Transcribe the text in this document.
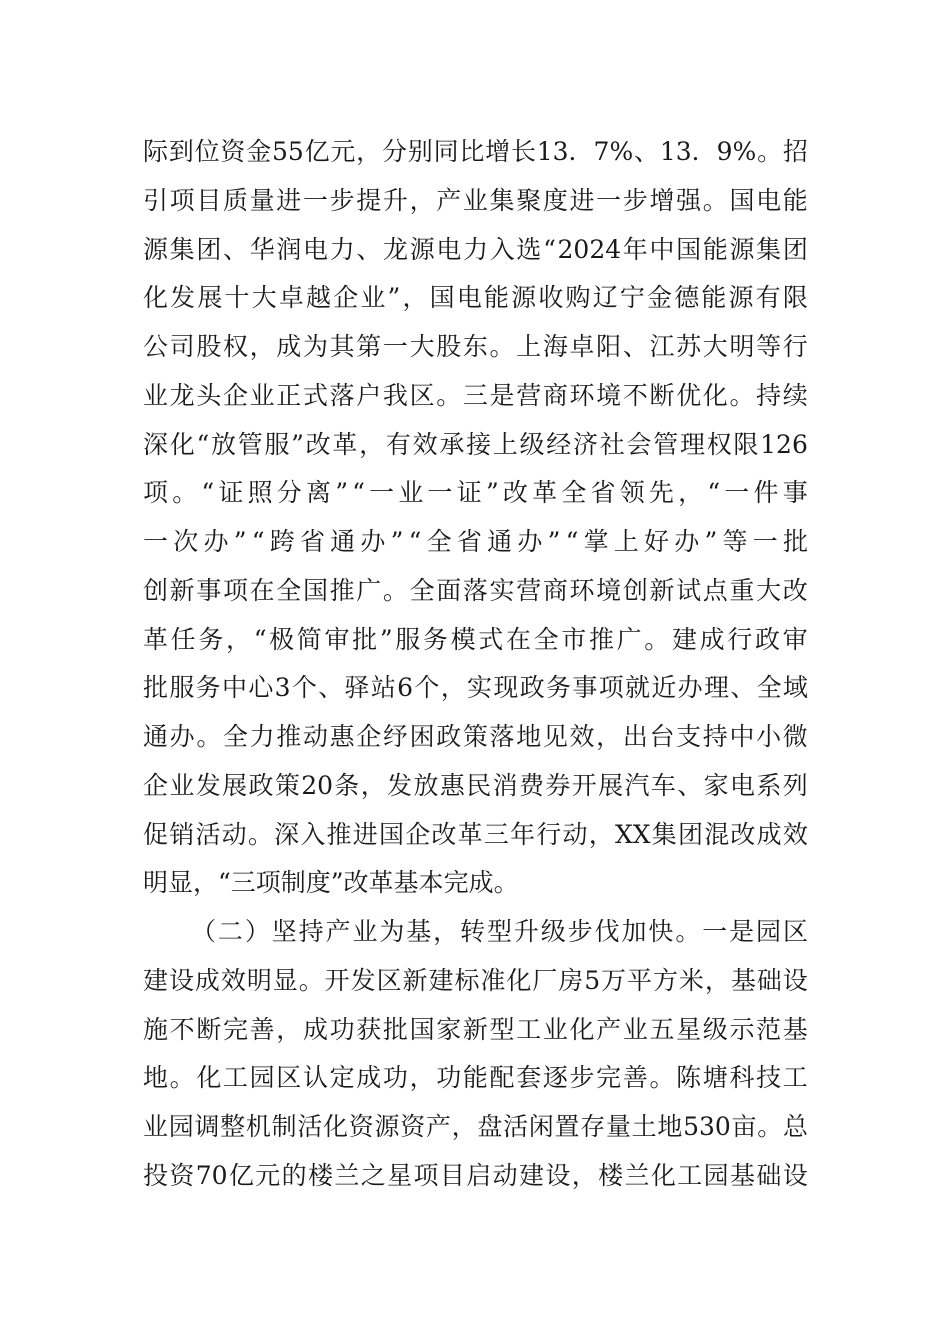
际 到 位 资 金 55 亿 元 ， 分 别 同 比 增 长 13．7% 、 13．9% 。 招
引 项 目 质 量 进 一 步 提 升 ， 产 业 集 聚 度 进 一 步 增 强 。 国 电 能
源 集 团 、 华 润 电 力 、 龙 源 电 力 入 选 “ 2024 年 中 国 能 源 集 团
化 发 展 十 大 卓 越 企 业 ” ， 国 电 能 源 收 购 辽 宁 金 德 能 源 有 限
公 司 股 权 ， 成 为 其 第 一 大 股 东 。 上 海 卓 阳 、 江 苏 大 明 等 行
业 龙 头 企 业 正 式 落 户 我 区 。 三 是 营 商 环 境 不 断 优 化 。 持 续
深 化 “ 放 管 服 ” 改 革 ， 有 效 承 接 上 级 经 济 社 会 管 理 权 限 126
项 。 “ 证 照 分 离 ” “ 一 业 一 证 ” 改 革 全 省 领 先 ， “ 一 件 事
一 次 办 ” “ 跨 省 通 办 ” “ 全 省 通 办 ” “ 掌 上 好 办 ” 等 一 批
创 新 事 项 在 全 国 推 广 。 全 面 落 实 营 商 环 境 创 新 试 点 重 大 改
革 任 务 ， “ 极 简 审 批 ” 服 务 模 式 在 全 市 推 广 。 建 成 行 政 审
批 服 务 中 心 3 个 、 驿 站 6 个 ， 实 现 政 务 事 项 就 近 办 理 、 全 域
通 办 。 全 力 推 动 惠 企 纾 困 政 策 落 地 见 效 ， 出 台 支 持 中 小 微
企 业 发 展 政 策 20 条 ， 发 放 惠 民 消 费 券 开 展 汽 车 、 家 电 系 列
促 销 活 动 。 深 入 推 进 国 企 改 革 三 年 行 动 ， XX 集 团 混 改 成 效
明显，“三项制度”改革基本完成。
（ 二 ） 坚 持 产 业 为 基 ， 转 型 升 级 步 伐 加 快 。 一 是 园 区
建 设 成 效 明 显 。 开 发 区 新 建 标 准 化 厂 房 5 万 平 方 米 ， 基 础 设
施 不 断 完 善 ， 成 功 获 批 国 家 新 型 工 业 化 产 业 五 星 级 示 范 基
地 。 化 工 园 区 认 定 成 功 ， 功 能 配 套 逐 步 完 善 。 陈 塘 科 技 工
业 园 调 整 机 制 活 化 资 源 资 产 ， 盘 活 闲 置 存 量 土 地 530 亩 。 总
投 资 70 亿 元 的 楼 兰 之 星 项 目 启 动 建 设 ， 楼 兰 化 工 园 基 础 设
